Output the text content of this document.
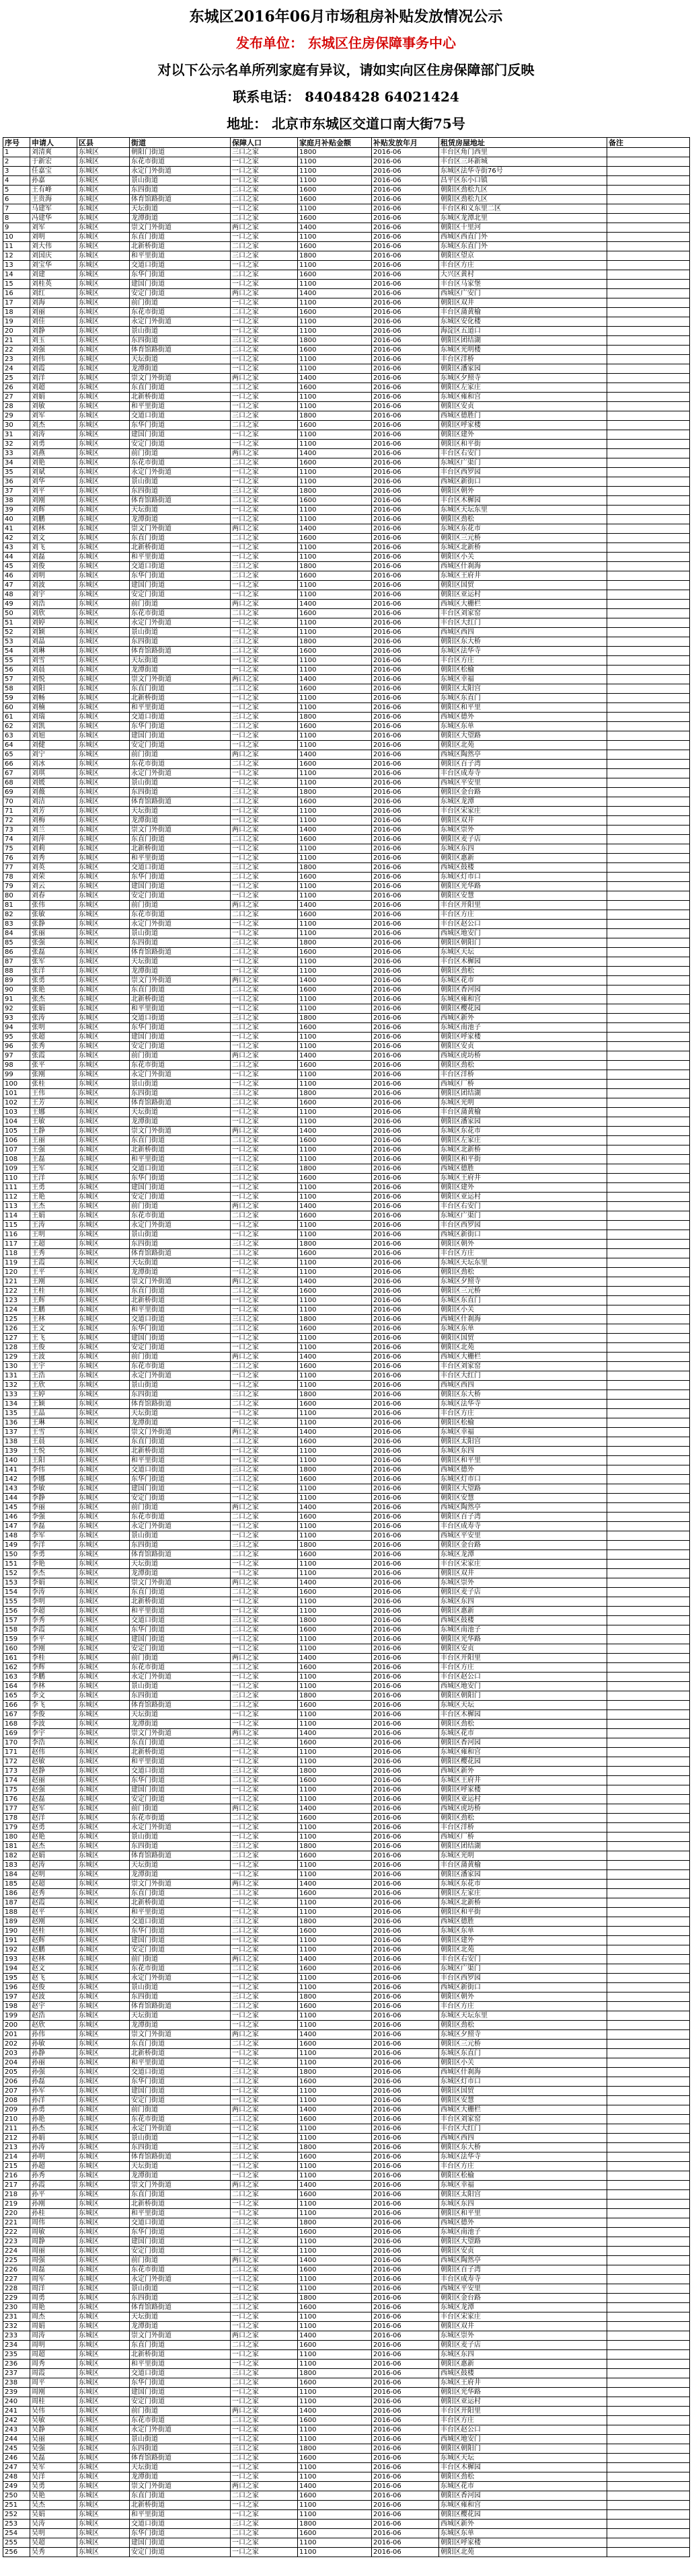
东城区2016年06月市场租房补贴发放情况公示
发布单位： 东城区住房保障事务中心
对以下公示名单所列家庭有异议，请如实向区住房保障部门反映
联系电话： 84048428 64021424
地址： 北京市东城区交道口南大街75号
序号	申请人	区县	街道	保障人口	家庭月补贴金额	补贴发放年月	租赁房屋地址	备注
1	刘清爽	东城区	朝阳门街道	三口之家	1800	2016-06	丰台区角门西里	
2	于新宏	东城区	东花市街道	一口之家	1100	2016-06	丰台区三环新城	
3	任嘉宝	东城区	永定门外街道	一口之家	1100	2016-06	东城区法华寺街76号	
4	孙嘉	东城区	景山街道	一口之家	1100	2016-06	昌平区东小口镇	
5	王有峰	东城区	东四街道	二口之家	1600	2016-06	朝阳区劲松九区	
6	王贵海	东城区	体育馆路街道	二口之家	1600	2016-06	朝阳区劲松九区	
7	马建军	东城区	天坛街道	一口之家	1100	2016-06	丰台区和义东里二区	
8	冯建华	东城区	龙潭街道	二口之家	1600	2016-06	东城区龙潭北里	
9	刘军	东城区	崇文门外街道	两口之家	1400	2016-06	朝阳区十里河	
10	刘明	东城区	东直门街道	一口之家	1100	2016-06	西城区西直门外	
11	刘大伟	东城区	北新桥街道	二口之家	1600	2016-06	东城区东直门外	
12	刘国庆	东城区	和平里街道	三口之家	1800	2016-06	朝阳区望京	
13	刘宝华	东城区	交道口街道	一口之家	1100	2016-06	丰台区方庄	
14	刘建	东城区	东华门街道	二口之家	1600	2016-06	大兴区黄村	
15	刘桂英	东城区	建国门街道	一口之家	1100	2016-06	丰台区马家堡	
16	刘红	东城区	安定门街道	两口之家	1400	2016-06	西城区广安门	
17	刘海	东城区	前门街道	一口之家	1100	2016-06	朝阳区双井	
18	刘丽	东城区	东花市街道	二口之家	1600	2016-06	丰台区蒲黄榆	
19	刘佳	东城区	永定门外街道	一口之家	1100	2016-06	东城区安化楼	
20	刘静	东城区	景山街道	一口之家	1100	2016-06	海淀区五道口	
21	刘玉	东城区	东四街道	三口之家	1800	2016-06	朝阳区团结湖	
22	刘强	东城区	体育馆路街道	二口之家	1600	2016-06	东城区光明楼	
23	刘伟	东城区	天坛街道	一口之家	1100	2016-06	丰台区洋桥	
24	刘霞	东城区	龙潭街道	一口之家	1100	2016-06	朝阳区潘家园	
25	刘洋	东城区	崇文门外街道	两口之家	1400	2016-06	东城区夕照寺	
26	刘超	东城区	东直门街道	二口之家	1600	2016-06	朝阳区左家庄	
27	刘娟	东城区	北新桥街道	一口之家	1100	2016-06	东城区雍和宫	
28	刘敏	东城区	和平里街道	一口之家	1100	2016-06	朝阳区安贞	
29	刘军	东城区	交道口街道	三口之家	1800	2016-06	西城区德胜门	
30	刘杰	东城区	东华门街道	二口之家	1600	2016-06	朝阳区呼家楼	
31	刘涛	东城区	建国门街道	一口之家	1100	2016-06	朝阳区建外	
32	刘勇	东城区	安定门街道	一口之家	1100	2016-06	朝阳区和平街	
33	刘燕	东城区	前门街道	两口之家	1400	2016-06	丰台区右安门	
34	刘艳	东城区	东花市街道	二口之家	1600	2016-06	东城区广渠门	
35	刘斌	东城区	永定门外街道	一口之家	1100	2016-06	丰台区西罗园	
36	刘华	东城区	景山街道	一口之家	1100	2016-06	西城区新街口	
37	刘平	东城区	东四街道	三口之家	1800	2016-06	朝阳区朝外	
38	刘刚	东城区	体育馆路街道	二口之家	1600	2016-06	丰台区木樨园	
39	刘辉	东城区	天坛街道	一口之家	1100	2016-06	东城区天坛东里	
40	刘鹏	东城区	龙潭街道	一口之家	1100	2016-06	朝阳区劲松	
41	刘林	东城区	崇文门外街道	两口之家	1400	2016-06	东城区东花市	
42	刘文	东城区	东直门街道	二口之家	1600	2016-06	朝阳区三元桥	
43	刘飞	东城区	北新桥街道	一口之家	1100	2016-06	东城区北新桥	
44	刘磊	东城区	和平里街道	一口之家	1100	2016-06	朝阳区小关	
45	刘俊	东城区	交道口街道	三口之家	1800	2016-06	西城区什刹海	
46	刘明	东城区	东华门街道	二口之家	1600	2016-06	东城区王府井	
47	刘波	东城区	建国门街道	一口之家	1100	2016-06	朝阳区国贸	
48	刘宇	东城区	安定门街道	一口之家	1100	2016-06	朝阳区亚运村	
49	刘浩	东城区	前门街道	两口之家	1400	2016-06	西城区大栅栏	
50	刘欣	东城区	东花市街道	二口之家	1600	2016-06	丰台区刘家窑	
51	刘婷	东城区	永定门外街道	一口之家	1100	2016-06	丰台区大红门	
52	刘颖	东城区	景山街道	一口之家	1100	2016-06	西城区西四	
53	刘晶	东城区	东四街道	三口之家	1800	2016-06	朝阳区东大桥	
54	刘琳	东城区	体育馆路街道	二口之家	1600	2016-06	东城区法华寺	
55	刘雪	东城区	天坛街道	一口之家	1100	2016-06	丰台区方庄	
56	刘晨	东城区	龙潭街道	一口之家	1100	2016-06	朝阳区松榆	
57	刘悦	东城区	崇文门外街道	两口之家	1400	2016-06	东城区幸福	
58	刘阳	东城区	东直门街道	二口之家	1600	2016-06	朝阳区太阳宫	
59	刘畅	东城区	北新桥街道	一口之家	1100	2016-06	东城区东直门	
60	刘楠	东城区	和平里街道	一口之家	1100	2016-06	朝阳区和平里	
61	刘瑞	东城区	交道口街道	三口之家	1800	2016-06	西城区德外	
62	刘凯	东城区	东华门街道	二口之家	1600	2016-06	东城区东单	
63	刘旭	东城区	建国门街道	一口之家	1100	2016-06	朝阳区大望路	
64	刘健	东城区	安定门街道	一口之家	1100	2016-06	朝阳区北苑	
65	刘宁	东城区	前门街道	两口之家	1400	2016-06	西城区陶然亭	
66	刘冰	东城区	东花市街道	二口之家	1600	2016-06	朝阳区百子湾	
67	刘琪	东城区	永定门外街道	一口之家	1100	2016-06	丰台区成寿寺	
68	刘媛	东城区	景山街道	一口之家	1100	2016-06	西城区平安里	
69	刘薇	东城区	东四街道	三口之家	1800	2016-06	朝阳区金台路	
70	刘洁	东城区	体育馆路街道	二口之家	1600	2016-06	东城区龙潭	
71	刘芳	东城区	天坛街道	一口之家	1100	2016-06	丰台区宋家庄	
72	刘梅	东城区	龙潭街道	一口之家	1100	2016-06	朝阳区双井	
73	刘兰	东城区	崇文门外街道	两口之家	1400	2016-06	东城区崇外	
74	刘萍	东城区	东直门街道	二口之家	1600	2016-06	朝阳区麦子店	
75	刘莉	东城区	北新桥街道	一口之家	1100	2016-06	东城区东四	
76	刘秀	东城区	和平里街道	一口之家	1100	2016-06	朝阳区惠新	
77	刘英	东城区	交道口街道	三口之家	1800	2016-06	西城区鼓楼	
78	刘荣	东城区	东华门街道	二口之家	1600	2016-06	东城区灯市口	
79	刘云	东城区	建国门街道	一口之家	1100	2016-06	朝阳区光华路	
80	刘春	东城区	安定门街道	一口之家	1100	2016-06	朝阳区安慧	
81	张伟	东城区	前门街道	两口之家	1400	2016-06	丰台区开阳里	
82	张敏	东城区	东花市街道	二口之家	1600	2016-06	丰台区方庄	
83	张静	东城区	永定门外街道	一口之家	1100	2016-06	丰台区赵公口	
84	张丽	东城区	景山街道	一口之家	1100	2016-06	西城区地安门	
85	张强	东城区	东四街道	三口之家	1800	2016-06	朝阳区朝阳门	
86	张磊	东城区	体育馆路街道	二口之家	1600	2016-06	东城区天坛	
87	张军	东城区	天坛街道	一口之家	1100	2016-06	丰台区木樨园	
88	张洋	东城区	龙潭街道	一口之家	1100	2016-06	朝阳区劲松	
89	张勇	东城区	崇文门外街道	两口之家	1400	2016-06	东城区花市	
90	张艳	东城区	东直门街道	二口之家	1600	2016-06	朝阳区香河园	
91	张杰	东城区	北新桥街道	一口之家	1100	2016-06	东城区雍和宫	
92	张娟	东城区	和平里街道	一口之家	1100	2016-06	朝阳区樱花园	
93	张涛	东城区	交道口街道	三口之家	1800	2016-06	西城区新外	
94	张明	东城区	东华门街道	二口之家	1600	2016-06	东城区南池子	
95	张超	东城区	建国门街道	一口之家	1100	2016-06	朝阳区呼家楼	
96	张秀	东城区	安定门街道	一口之家	1100	2016-06	朝阳区安贞	
97	张霞	东城区	前门街道	两口之家	1400	2016-06	西城区虎坊桥	
98	张平	东城区	东花市街道	二口之家	1600	2016-06	朝阳区劲松	
99	张刚	东城区	永定门外街道	一口之家	1100	2016-06	丰台区洋桥	
100	张桂	东城区	景山街道	一口之家	1100	2016-06	西城区厂桥	
101	王伟	东城区	东四街道	三口之家	1800	2016-06	朝阳区团结湖	
102	王芳	东城区	体育馆路街道	二口之家	1600	2016-06	东城区光明	
103	王娜	东城区	天坛街道	一口之家	1100	2016-06	丰台区蒲黄榆	
104	王敏	东城区	龙潭街道	一口之家	1100	2016-06	朝阳区潘家园	
105	王静	东城区	崇文门外街道	两口之家	1400	2016-06	东城区东花市	
106	王丽	东城区	东直门街道	二口之家	1600	2016-06	朝阳区左家庄	
107	王强	东城区	北新桥街道	一口之家	1100	2016-06	东城区北新桥	
108	王磊	东城区	和平里街道	一口之家	1100	2016-06	朝阳区和平街	
109	王军	东城区	交道口街道	三口之家	1800	2016-06	西城区德胜	
110	王洋	东城区	东华门街道	二口之家	1600	2016-06	东城区王府井	
111	王勇	东城区	建国门街道	一口之家	1100	2016-06	朝阳区建外	
112	王艳	东城区	安定门街道	一口之家	1100	2016-06	朝阳区亚运村	
113	王杰	东城区	前门街道	两口之家	1400	2016-06	丰台区右安门	
114	王娟	东城区	东花市街道	二口之家	1600	2016-06	东城区广渠门	
115	王涛	东城区	永定门外街道	一口之家	1100	2016-06	丰台区西罗园	
116	王明	东城区	景山街道	一口之家	1100	2016-06	西城区新街口	
117	王超	东城区	东四街道	三口之家	1800	2016-06	朝阳区朝外	
118	王秀	东城区	体育馆路街道	二口之家	1600	2016-06	丰台区方庄	
119	王霞	东城区	天坛街道	一口之家	1100	2016-06	东城区天坛东里	
120	王平	东城区	龙潭街道	一口之家	1100	2016-06	朝阳区劲松	
121	王刚	东城区	崇文门外街道	两口之家	1400	2016-06	东城区夕照寺	
122	王桂	东城区	东直门街道	二口之家	1600	2016-06	朝阳区三元桥	
123	王辉	东城区	北新桥街道	一口之家	1100	2016-06	东城区东直门	
124	王鹏	东城区	和平里街道	一口之家	1100	2016-06	朝阳区小关	
125	王林	东城区	交道口街道	三口之家	1800	2016-06	西城区什刹海	
126	王文	东城区	东华门街道	二口之家	1600	2016-06	东城区东单	
127	王飞	东城区	建国门街道	一口之家	1100	2016-06	朝阳区国贸	
128	王俊	东城区	安定门街道	一口之家	1100	2016-06	朝阳区北苑	
129	王波	东城区	前门街道	两口之家	1400	2016-06	西城区大栅栏	
130	王宇	东城区	东花市街道	二口之家	1600	2016-06	丰台区刘家窑	
131	王浩	东城区	永定门外街道	一口之家	1100	2016-06	丰台区大红门	
132	王欣	东城区	景山街道	一口之家	1100	2016-06	西城区西四	
133	王婷	东城区	东四街道	三口之家	1800	2016-06	朝阳区东大桥	
134	王颖	东城区	体育馆路街道	二口之家	1600	2016-06	东城区法华寺	
135	王晶	东城区	天坛街道	一口之家	1100	2016-06	丰台区方庄	
136	王琳	东城区	龙潭街道	一口之家	1100	2016-06	朝阳区松榆	
137	王雪	东城区	崇文门外街道	两口之家	1400	2016-06	东城区幸福	
138	王晨	东城区	东直门街道	二口之家	1600	2016-06	朝阳区太阳宫	
139	王悦	东城区	北新桥街道	一口之家	1100	2016-06	东城区东四	
140	王阳	东城区	和平里街道	一口之家	1100	2016-06	朝阳区和平里	
141	李伟	东城区	交道口街道	三口之家	1800	2016-06	西城区德外	
142	李娜	东城区	东华门街道	二口之家	1600	2016-06	东城区灯市口	
143	李敏	东城区	建国门街道	一口之家	1100	2016-06	朝阳区大望路	
144	李静	东城区	安定门街道	一口之家	1100	2016-06	朝阳区安慧	
145	李丽	东城区	前门街道	两口之家	1400	2016-06	西城区陶然亭	
146	李强	东城区	东花市街道	二口之家	1600	2016-06	朝阳区百子湾	
147	李磊	东城区	永定门外街道	一口之家	1100	2016-06	丰台区成寿寺	
148	李军	东城区	景山街道	一口之家	1100	2016-06	西城区平安里	
149	李洋	东城区	东四街道	三口之家	1800	2016-06	朝阳区金台路	
150	李勇	东城区	体育馆路街道	二口之家	1600	2016-06	东城区龙潭	
151	李艳	东城区	天坛街道	一口之家	1100	2016-06	丰台区宋家庄	
152	李杰	东城区	龙潭街道	一口之家	1100	2016-06	朝阳区双井	
153	李娟	东城区	崇文门外街道	两口之家	1400	2016-06	东城区崇外	
154	李涛	东城区	东直门街道	二口之家	1600	2016-06	朝阳区麦子店	
155	李明	东城区	北新桥街道	一口之家	1100	2016-06	东城区东四	
156	李超	东城区	和平里街道	一口之家	1100	2016-06	朝阳区惠新	
157	李秀	东城区	交道口街道	三口之家	1800	2016-06	西城区鼓楼	
158	李霞	东城区	东华门街道	二口之家	1600	2016-06	东城区南池子	
159	李平	东城区	建国门街道	一口之家	1100	2016-06	朝阳区光华路	
160	李刚	东城区	安定门街道	一口之家	1100	2016-06	朝阳区安贞	
161	李桂	东城区	前门街道	两口之家	1400	2016-06	丰台区开阳里	
162	李辉	东城区	东花市街道	二口之家	1600	2016-06	丰台区方庄	
163	李鹏	东城区	永定门外街道	一口之家	1100	2016-06	丰台区赵公口	
164	李林	东城区	景山街道	一口之家	1100	2016-06	西城区地安门	
165	李文	东城区	东四街道	三口之家	1800	2016-06	朝阳区朝阳门	
166	李飞	东城区	体育馆路街道	二口之家	1600	2016-06	东城区天坛	
167	李俊	东城区	天坛街道	一口之家	1100	2016-06	丰台区木樨园	
168	李波	东城区	龙潭街道	一口之家	1100	2016-06	朝阳区劲松	
169	李宇	东城区	崇文门外街道	两口之家	1400	2016-06	东城区花市	
170	李浩	东城区	东直门街道	二口之家	1600	2016-06	朝阳区香河园	
171	赵伟	东城区	北新桥街道	一口之家	1100	2016-06	东城区雍和宫	
172	赵敏	东城区	和平里街道	一口之家	1100	2016-06	朝阳区樱花园	
173	赵静	东城区	交道口街道	三口之家	1800	2016-06	西城区新外	
174	赵丽	东城区	东华门街道	二口之家	1600	2016-06	东城区王府井	
175	赵强	东城区	建国门街道	一口之家	1100	2016-06	朝阳区呼家楼	
176	赵磊	东城区	安定门街道	一口之家	1100	2016-06	朝阳区亚运村	
177	赵军	东城区	前门街道	两口之家	1400	2016-06	西城区虎坊桥	
178	赵洋	东城区	东花市街道	二口之家	1600	2016-06	朝阳区劲松	
179	赵勇	东城区	永定门外街道	一口之家	1100	2016-06	丰台区洋桥	
180	赵艳	东城区	景山街道	一口之家	1100	2016-06	西城区厂桥	
181	赵杰	东城区	东四街道	三口之家	1800	2016-06	朝阳区团结湖	
182	赵娟	东城区	体育馆路街道	二口之家	1600	2016-06	东城区光明	
183	赵涛	东城区	天坛街道	一口之家	1100	2016-06	丰台区蒲黄榆	
184	赵明	东城区	龙潭街道	一口之家	1100	2016-06	朝阳区潘家园	
185	赵超	东城区	崇文门外街道	两口之家	1400	2016-06	东城区东花市	
186	赵秀	东城区	东直门街道	二口之家	1600	2016-06	朝阳区左家庄	
187	赵霞	东城区	北新桥街道	一口之家	1100	2016-06	东城区北新桥	
188	赵平	东城区	和平里街道	一口之家	1100	2016-06	朝阳区和平街	
189	赵刚	东城区	交道口街道	三口之家	1800	2016-06	西城区德胜	
190	赵桂	东城区	东华门街道	二口之家	1600	2016-06	东城区东单	
191	赵辉	东城区	建国门街道	一口之家	1100	2016-06	朝阳区建外	
192	赵鹏	东城区	安定门街道	一口之家	1100	2016-06	朝阳区北苑	
193	赵林	东城区	前门街道	两口之家	1400	2016-06	丰台区右安门	
194	赵文	东城区	东花市街道	二口之家	1600	2016-06	东城区广渠门	
195	赵飞	东城区	永定门外街道	一口之家	1100	2016-06	丰台区西罗园	
196	赵俊	东城区	景山街道	一口之家	1100	2016-06	西城区新街口	
197	赵波	东城区	东四街道	三口之家	1800	2016-06	朝阳区朝外	
198	赵宇	东城区	体育馆路街道	二口之家	1600	2016-06	丰台区方庄	
199	赵浩	东城区	天坛街道	一口之家	1100	2016-06	东城区天坛东里	
200	赵欣	东城区	龙潭街道	一口之家	1100	2016-06	朝阳区劲松	
201	孙伟	东城区	崇文门外街道	两口之家	1400	2016-06	东城区夕照寺	
202	孙敏	东城区	东直门街道	二口之家	1600	2016-06	朝阳区三元桥	
203	孙静	东城区	北新桥街道	一口之家	1100	2016-06	东城区东直门	
204	孙丽	东城区	和平里街道	一口之家	1100	2016-06	朝阳区小关	
205	孙强	东城区	交道口街道	三口之家	1800	2016-06	西城区什刹海	
206	孙磊	东城区	东华门街道	二口之家	1600	2016-06	东城区灯市口	
207	孙军	东城区	建国门街道	一口之家	1100	2016-06	朝阳区国贸	
208	孙洋	东城区	安定门街道	一口之家	1100	2016-06	朝阳区安慧	
209	孙勇	东城区	前门街道	两口之家	1400	2016-06	西城区大栅栏	
210	孙艳	东城区	东花市街道	二口之家	1600	2016-06	丰台区刘家窑	
211	孙杰	东城区	永定门外街道	一口之家	1100	2016-06	丰台区大红门	
212	孙娟	东城区	景山街道	一口之家	1100	2016-06	西城区西四	
213	孙涛	东城区	东四街道	三口之家	1800	2016-06	朝阳区东大桥	
214	孙明	东城区	体育馆路街道	二口之家	1600	2016-06	东城区法华寺	
215	孙超	东城区	天坛街道	一口之家	1100	2016-06	丰台区方庄	
216	孙秀	东城区	龙潭街道	一口之家	1100	2016-06	朝阳区松榆	
217	孙霞	东城区	崇文门外街道	两口之家	1400	2016-06	东城区幸福	
218	孙平	东城区	东直门街道	二口之家	1600	2016-06	朝阳区太阳宫	
219	孙刚	东城区	北新桥街道	一口之家	1100	2016-06	东城区东四	
220	孙桂	东城区	和平里街道	一口之家	1100	2016-06	朝阳区和平里	
221	周伟	东城区	交道口街道	三口之家	1800	2016-06	西城区德外	
222	周敏	东城区	东华门街道	二口之家	1600	2016-06	东城区南池子	
223	周静	东城区	建国门街道	一口之家	1100	2016-06	朝阳区大望路	
224	周丽	东城区	安定门街道	一口之家	1100	2016-06	朝阳区安贞	
225	周强	东城区	前门街道	两口之家	1400	2016-06	西城区陶然亭	
226	周磊	东城区	东花市街道	二口之家	1600	2016-06	朝阳区百子湾	
227	周军	东城区	永定门外街道	一口之家	1100	2016-06	丰台区成寿寺	
228	周洋	东城区	景山街道	一口之家	1100	2016-06	西城区平安里	
229	周勇	东城区	东四街道	三口之家	1800	2016-06	朝阳区金台路	
230	周艳	东城区	体育馆路街道	二口之家	1600	2016-06	东城区龙潭	
231	周杰	东城区	天坛街道	一口之家	1100	2016-06	丰台区宋家庄	
232	周娟	东城区	龙潭街道	一口之家	1100	2016-06	朝阳区双井	
233	周涛	东城区	崇文门外街道	两口之家	1400	2016-06	东城区崇外	
234	周明	东城区	东直门街道	二口之家	1600	2016-06	朝阳区麦子店	
235	周超	东城区	北新桥街道	一口之家	1100	2016-06	东城区东四	
236	周秀	东城区	和平里街道	一口之家	1100	2016-06	朝阳区惠新	
237	周霞	东城区	交道口街道	三口之家	1800	2016-06	西城区鼓楼	
238	周平	东城区	东华门街道	二口之家	1600	2016-06	东城区王府井	
239	周刚	东城区	建国门街道	一口之家	1100	2016-06	朝阳区光华路	
240	周桂	东城区	安定门街道	一口之家	1100	2016-06	朝阳区亚运村	
241	吴伟	东城区	前门街道	两口之家	1400	2016-06	丰台区开阳里	
242	吴敏	东城区	东花市街道	二口之家	1600	2016-06	丰台区方庄	
243	吴静	东城区	永定门外街道	一口之家	1100	2016-06	丰台区赵公口	
244	吴丽	东城区	景山街道	一口之家	1100	2016-06	西城区地安门	
245	吴强	东城区	东四街道	三口之家	1800	2016-06	朝阳区朝阳门	
246	吴磊	东城区	体育馆路街道	二口之家	1600	2016-06	东城区天坛	
247	吴军	东城区	天坛街道	一口之家	1100	2016-06	丰台区木樨园	
248	吴洋	东城区	龙潭街道	一口之家	1100	2016-06	朝阳区劲松	
249	吴勇	东城区	崇文门外街道	两口之家	1400	2016-06	东城区花市	
250	吴艳	东城区	东直门街道	二口之家	1600	2016-06	朝阳区香河园	
251	吴杰	东城区	北新桥街道	一口之家	1100	2016-06	东城区雍和宫	
252	吴娟	东城区	和平里街道	一口之家	1100	2016-06	朝阳区樱花园	
253	吴涛	东城区	交道口街道	三口之家	1800	2016-06	西城区新外	
254	吴明	东城区	东华门街道	二口之家	1600	2016-06	东城区东单	
255	吴超	东城区	建国门街道	一口之家	1100	2016-06	朝阳区呼家楼	
256	吴秀	东城区	安定门街道	一口之家	1100	2016-06	朝阳区北苑	
